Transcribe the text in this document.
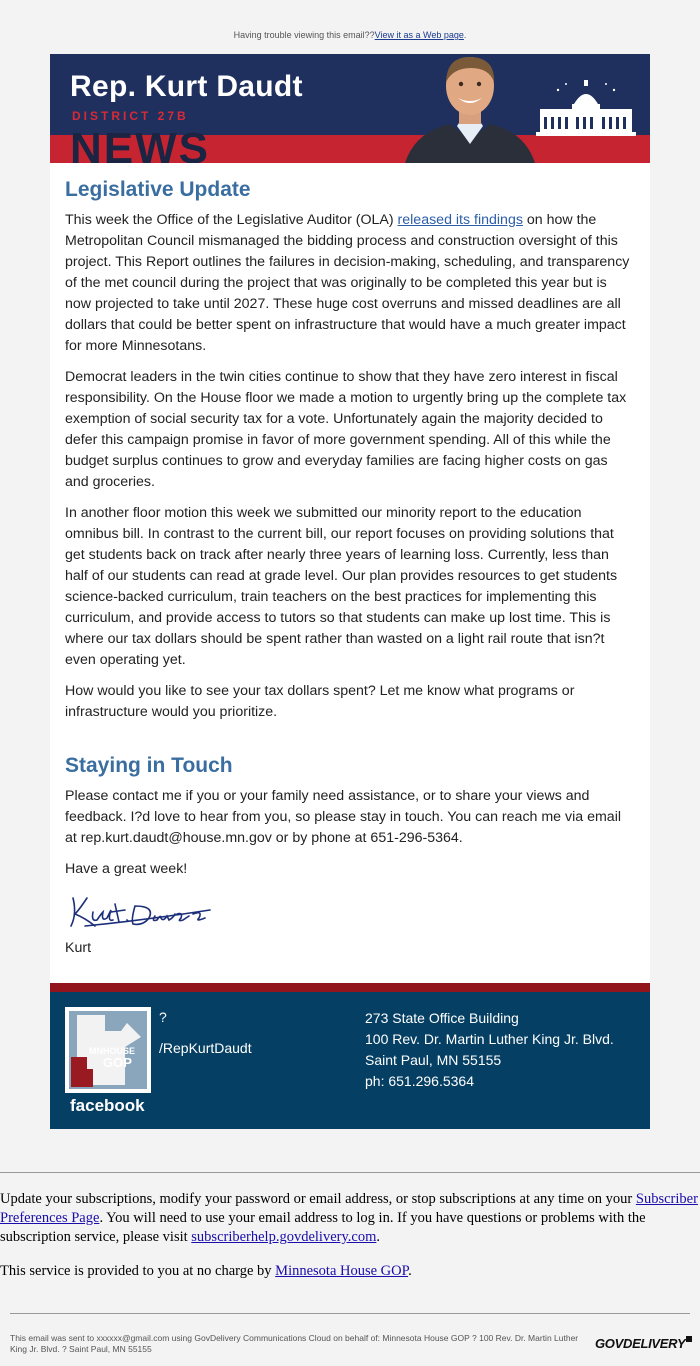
Having trouble viewing this email??View it as a Web page.
Rep. Kurt Daudt
DISTRICT 27B
NEWS
Legislative Update

This week the Office of the Legislative Auditor (OLA) released its findings on how the Metropolitan Council mismanaged the bidding process and construction oversight of this project. This Report outlines the failures in decision-making, scheduling, and transparency of the met council during the project that was originally to be completed this year but is now projected to take until 2027. These huge cost overruns and missed deadlines are all dollars that could be better spent on infrastructure that would have a much greater impact for more Minnesotans.

Democrat leaders in the twin cities continue to show that they have zero interest in fiscal responsibility. On the House floor we made a motion to urgently bring up the complete tax exemption of social security tax for a vote. Unfortunately again the majority decided to defer this campaign promise in favor of more government spending. All of this while the budget surplus continues to grow and everyday families are facing higher costs on gas and groceries.

In another floor motion this week we submitted our minority report to the education omnibus bill. In contrast to the current bill, our report focuses on providing solutions that get students back on track after nearly three years of learning loss. Currently, less than half of our students can read at grade level. Our plan provides resources to get students science-backed curriculum, train teachers on the best practices for implementing this curriculum, and provide access to tutors so that students can make up lost time. This is where our tax dollars should be spent rather than wasted on a light rail route that isn?t even operating yet.

How would you like to see your tax dollars spent? Let me know what programs or infrastructure would you prioritize.

Staying in Touch

Please contact me if you or your family need assistance, or to share your views and feedback. I?d love to hear from you, so please stay in touch. You can reach me via email at rep.kurt.daudt@house.mn.gov or by phone at 651-296-5364.

Have a great week!

Kurt

MNHOUSE
GOP
facebook
?
/RepKurtDaudt
273 State Office Building
100 Rev. Dr. Martin Luther King Jr. Blvd.
Saint Paul, MN 55155
ph: 651.296.5364

Update your subscriptions, modify your password or email address, or stop subscriptions at any time on your Subscriber Preferences Page. You will need to use your email address to log in. If you have questions or problems with the subscription service, please visit subscriberhelp.govdelivery.com.

This service is provided to you at no charge by Minnesota House GOP.

This email was sent to xxxxxx@gmail.com using GovDelivery Communications Cloud on behalf of: Minnesota House GOP ? 100 Rev. Dr. Martin Luther King Jr. Blvd. ? Saint Paul, MN 55155	GOVDELIVERY
